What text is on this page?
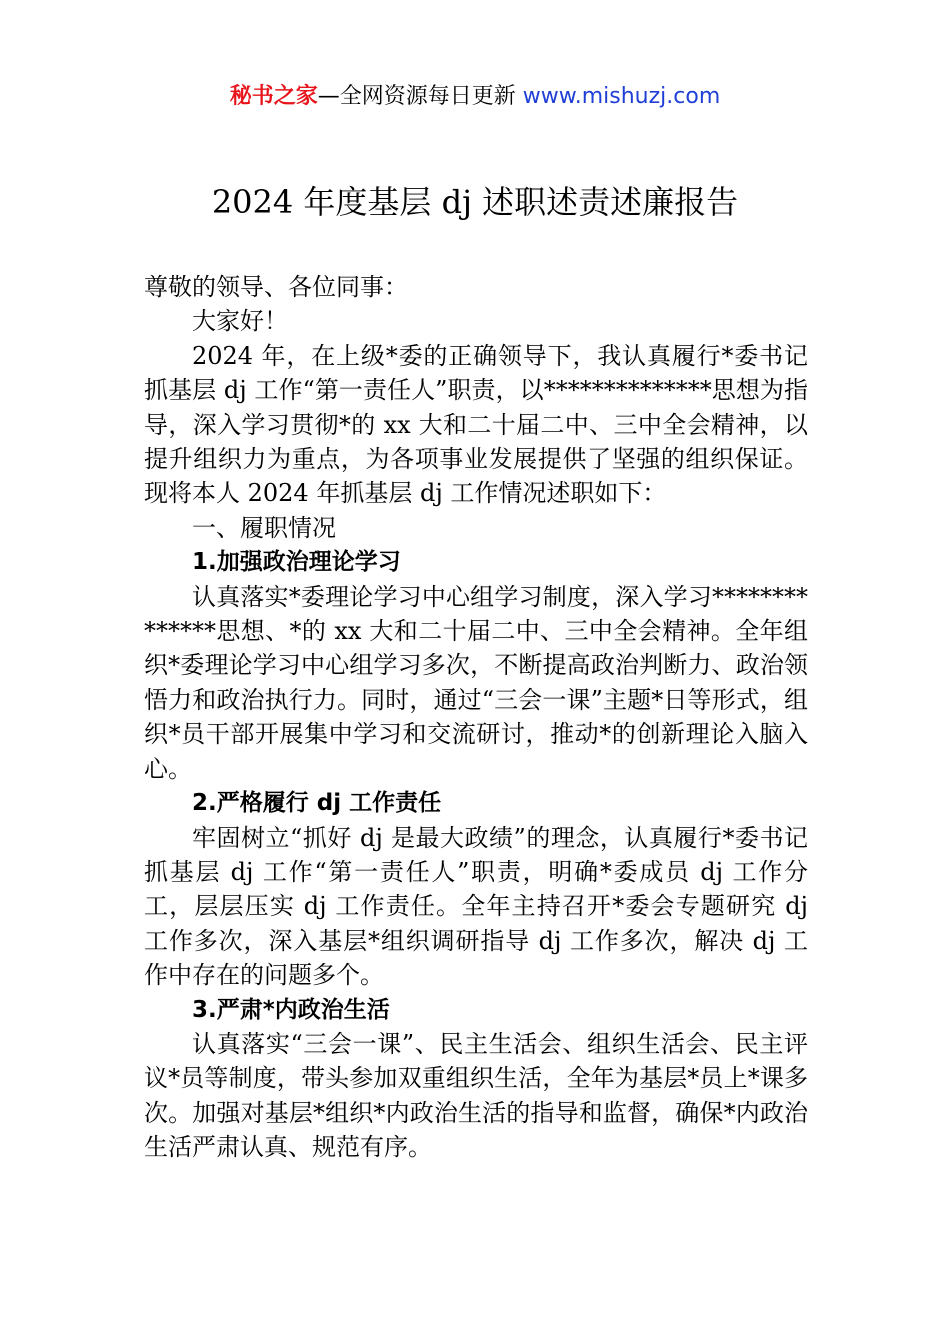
秘书之家—全网资源每日更新 www.mishuzj.com
2024 年度基层 dj 述职述责述廉报告

尊敬的领导、各位同事：

大家好！

2024 年，在上级*委的正确领导下，我认真履行*委书记抓基层 dj 工作“第一责任人”职责，以**************思想为指导，深入学习贯彻*的 xx 大和二十届二中、三中全会精神，以提升组织力为重点，为各项事业发展提供了坚强的组织保证。现将本人 2024 年抓基层 dj 工作情况述职如下：

一、履职情况

1.加强政治理论学习

认真落实*委理论学习中心组学习制度，深入学习**************思想、*的 xx 大和二十届二中、三中全会精神。全年组织*委理论学习中心组学习多次，不断提高政治判断力、政治领悟力和政治执行力。同时，通过“三会一课”主题*日等形式，组织*员干部开展集中学习和交流研讨，推动*的创新理论入脑入心。

2.严格履行 dj 工作责任

牢固树立“抓好 dj 是最大政绩”的理念，认真履行*委书记抓基层 dj 工作“第一责任人”职责，明确*委成员 dj 工作分工，层层压实 dj 工作责任。全年主持召开*委会专题研究 dj 工作多次，深入基层*组织调研指导 dj 工作多次，解决 dj 工作中存在的问题多个。

3.严肃*内政治生活

认真落实“三会一课”、民主生活会、组织生活会、民主评议*员等制度，带头参加双重组织生活，全年为基层*员上*课多次。加强对基层*组织*内政治生活的指导和监督，确保*内政治生活严肃认真、规范有序。
